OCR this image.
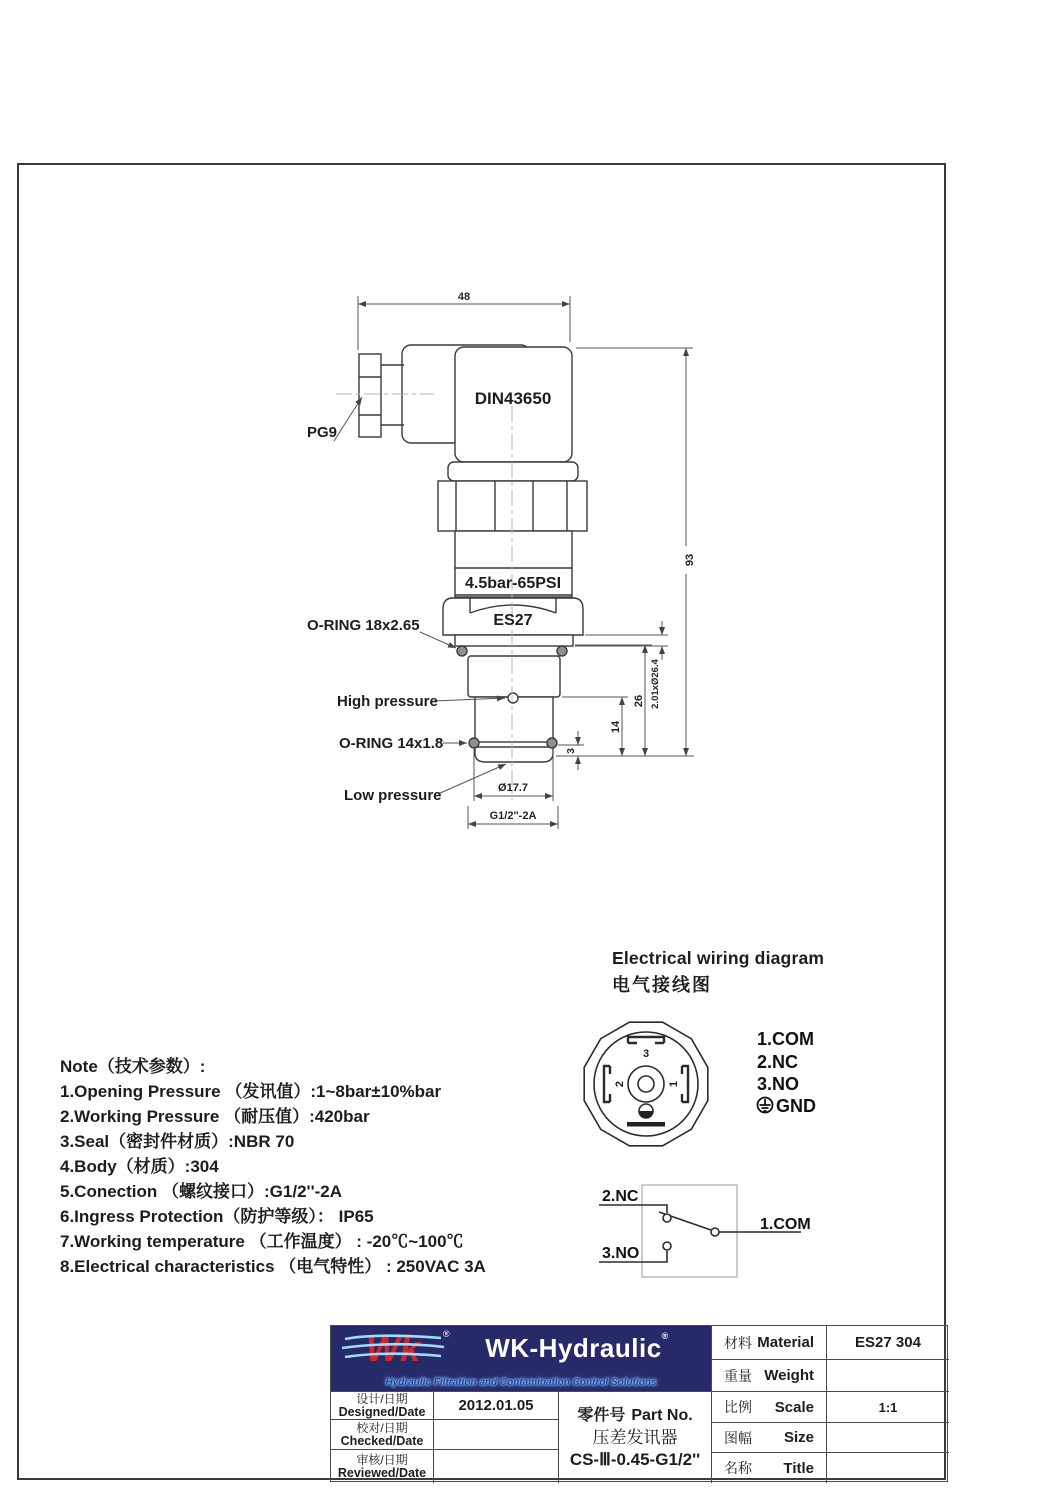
48
93
26
14
2.01xØ26.4
3
Ø17.7
G1/2''-2A
PG9
DIN43650
4.5bar-65PSI
ES27
O-RING 18x2.65
High pressure
O-RING 14x1.8
Low pressure
3
2	1
1.COM
2.NC
3.NO
GND
2.NC
3.NO
1.COM
Electrical wiring diagram
电气接线图
Note（技术参数）:
1.Opening Pressure （发讯值）:1~8bar±10%bar
2.Working Pressure （耐压值）:420bar
3.Seal（密封件材质）:NBR 70
4.Body（材质）:304
5.Conection （螺纹接口）:G1/2''-2A
6.Ingress Protection（防护等级）： IP65
7.Working temperature （工作温度） : -20℃~100℃
8.Electrical characteristics （电气特性） : 250VAC 3A
Wk	®	WK-Hydraulic®
Hydraulic Filtration and Contamination Control Solutions
设计/日期
Designed/Date 2012.01.05
校对/日期
Checked/Date
审核/日期
Reviewed/Date
零件号 Part No.
压差发讯器
CS-Ⅲ-0.45-G1/2''
材料 Material	ES27 304
重量 Weight
比例 Scale	1:1
图幅 Size
名称 Title
